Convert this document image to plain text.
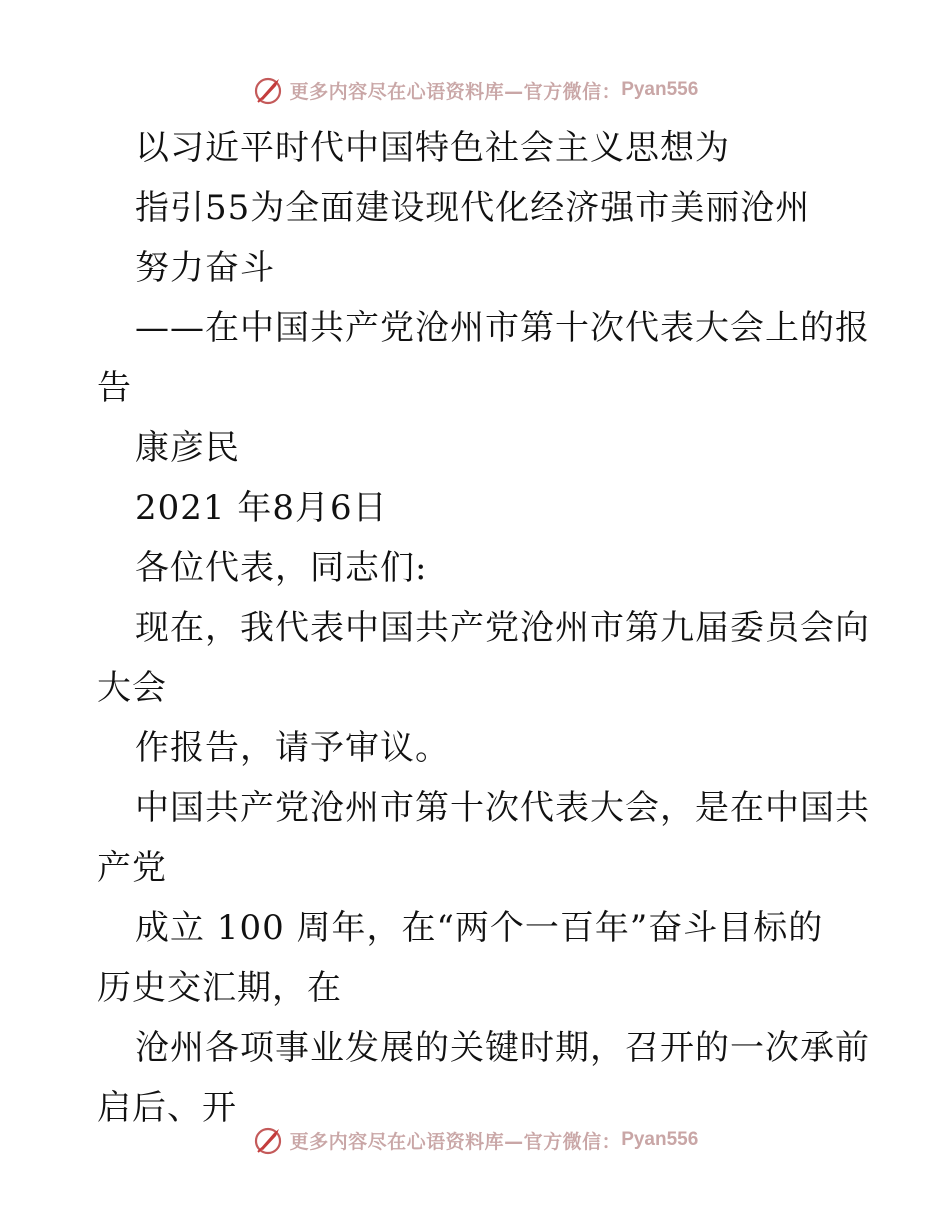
更多内容尽在心语资料库—官方微信： Pyan556
以习近平时代中国特色社会主义思想为
指引55为全面建设现代化经济强市美丽沧州
努力奋斗
——在中国共产党沧州市第十次代表大会上的报
告
康彦民
2021 年8月6日
各位代表，同志们:
现在，我代表中国共产党沧州市第九届委员会向
大会
作报告，请予审议。
中国共产党沧州市第十次代表大会，是在中国共
产党
成立 100 周年，在“两个一百年”奋斗目标的
历史交汇期，在
沧州各项事业发展的关键时期，召开的一次承前
启后、开
更多内容尽在心语资料库—官方微信： Pyan556
